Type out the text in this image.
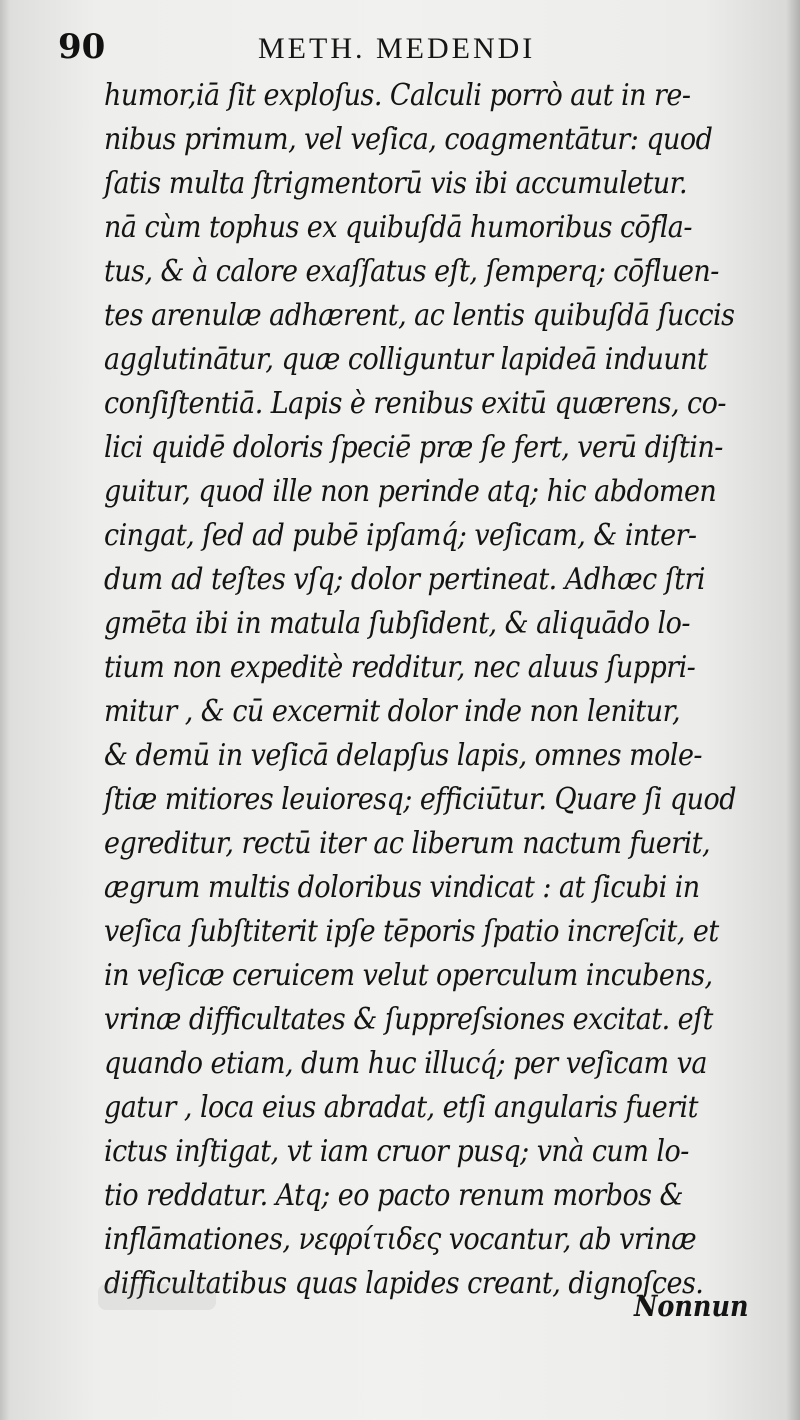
90	METH. MEDENDI
humor,iā ſit exploſus. Calculi porrò aut in re-
nibus primum, vel veſica, coagmentātur: quod
ſatis multa ſtrigmentorū vis ibi accumuletur.
nā cùm tophus ex quibuſdā humoribus cōfla-
tus, & à calore exaſſatus eſt, ſemperq; cōfluen-
tes arenulæ adhærent, ac lentis quibuſdā ſuccis
agglutinātur, quæ colliguntur lapideā induunt
conſiſtentiā. Lapis è renibus exitū quærens, co-
lici quidē doloris ſpeciē præ ſe fert, verū diſtin-
guitur, quod ille non perinde atq; hic abdomen
cingat, ſed ad pubē ipſamq́; veſicam, & inter-
dum ad teſtes vſq; dolor pertineat. Adhæc ſtri
gmēta ibi in matula ſubſident, & aliquādo lo-
tium non expeditè redditur, nec aluus ſuppri-
mitur , & cū excernit dolor inde non lenitur,
& demū in veſicā delapſus lapis, omnes mole-
ſtiæ mitiores leuioresq; efficiūtur. Quare ſi quod
egreditur, rectū iter ac liberum nactum fuerit,
ægrum multis doloribus vindicat : at ſicubi in
veſica ſubſtiterit ipſe tēporis ſpatio increſcit, et
in veſicæ ceruicem velut operculum incubens,
vrinæ difficultates & ſuppreſsiones excitat. eſt
quando etiam, dum huc illucq́; per veſicam va
gatur , loca eius abradat, etſi angularis fuerit
ictus inſtigat, vt iam cruor pusq; vnà cum lo-
tio reddatur. Atq; eo pacto renum morbos &
inflāmationes, νεφρίτιδες vocantur, ab vrinæ
difficultatibus quas lapides creant, dignoſces.
Nonnun
